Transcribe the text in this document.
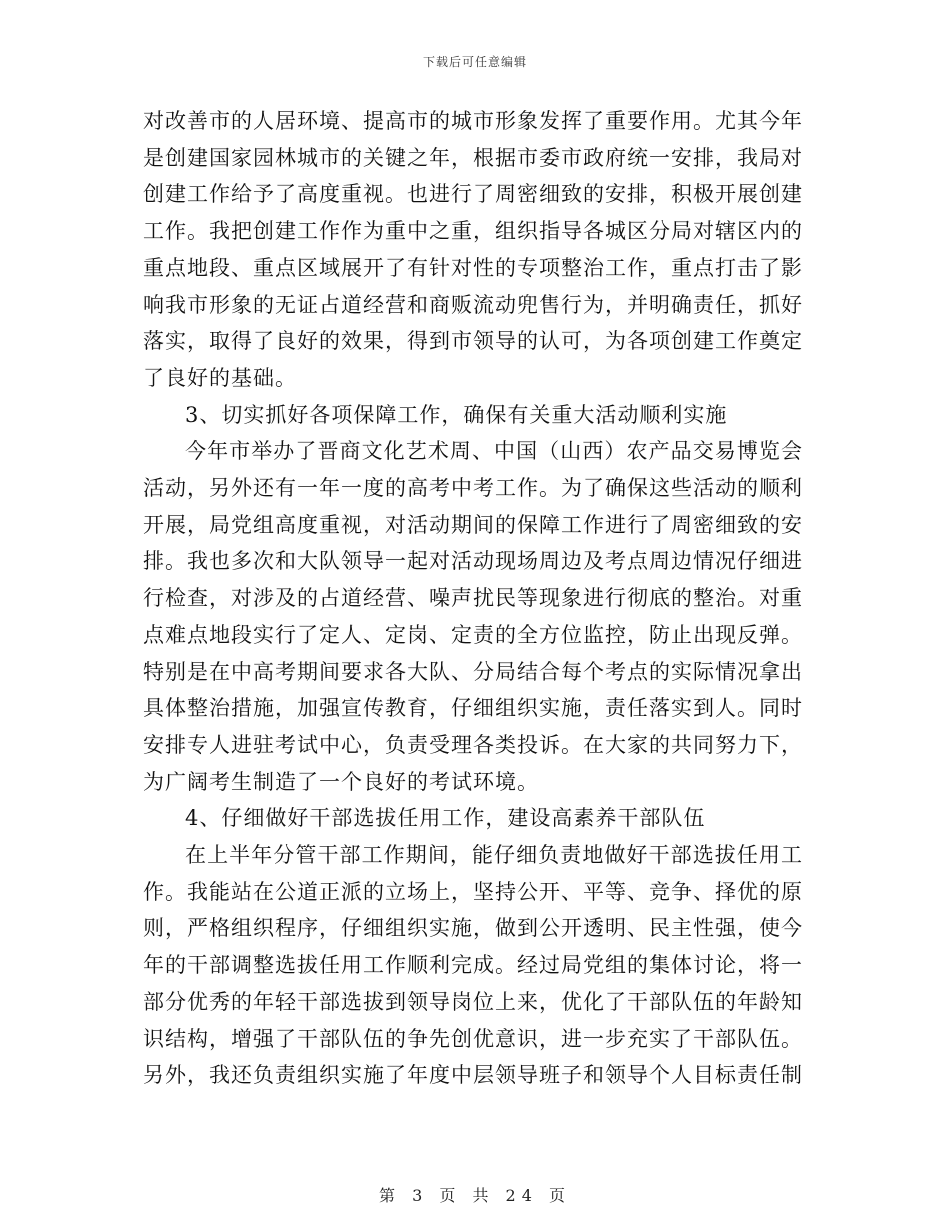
下载后可任意编辑

对改善市的人居环境、提高市的城市形象发挥了重要作用。尤其今年是创建国家园林城市的关键之年，根据市委市政府统一安排，我局对创建工作给予了高度重视。也进行了周密细致的安排，积极开展创建工作。我把创建工作作为重中之重，组织指导各城区分局对辖区内的重点地段、重点区域展开了有针对性的专项整治工作，重点打击了影响我市形象的无证占道经营和商贩流动兜售行为，并明确责任，抓好落实，取得了良好的效果，得到市领导的认可，为各项创建工作奠定了良好的基础。

3、切实抓好各项保障工作，确保有关重大活动顺利实施

今年市举办了晋商文化艺术周、中国（山西）农产品交易博览会活动，另外还有一年一度的高考中考工作。为了确保这些活动的顺利开展，局党组高度重视，对活动期间的保障工作进行了周密细致的安排。我也多次和大队领导一起对活动现场周边及考点周边情况仔细进行检查，对涉及的占道经营、噪声扰民等现象进行彻底的整治。对重点难点地段实行了定人、定岗、定责的全方位监控，防止出现反弹。特别是在中高考期间要求各大队、分局结合每个考点的实际情况拿出具体整治措施，加强宣传教育，仔细组织实施，责任落实到人。同时安排专人进驻考试中心，负责受理各类投诉。在大家的共同努力下，为广阔考生制造了一个良好的考试环境。

4、仔细做好干部选拔任用工作，建设高素养干部队伍

在上半年分管干部工作期间，能仔细负责地做好干部选拔任用工作。我能站在公道正派的立场上，坚持公开、平等、竞争、择优的原则，严格组织程序，仔细组织实施，做到公开透明、民主性强，使今年的干部调整选拔任用工作顺利完成。经过局党组的集体讨论，将一部分优秀的年轻干部选拔到领导岗位上来，优化了干部队伍的年龄知识结构，增强了干部队伍的争先创优意识，进一步充实了干部队伍。另外，我还负责组织实施了年度中层领导班子和领导个人目标责任制

第 3 页 共 24 页
